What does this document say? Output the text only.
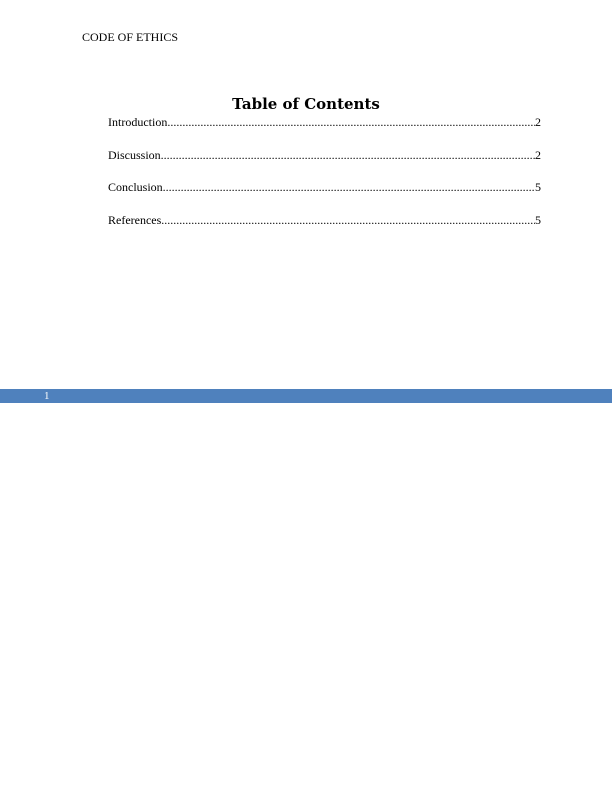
CODE OF ETHICS
Table of Contents
Introduction .....	2
Discussion .....	2
Conclusion .....	5
References .....	5
1
